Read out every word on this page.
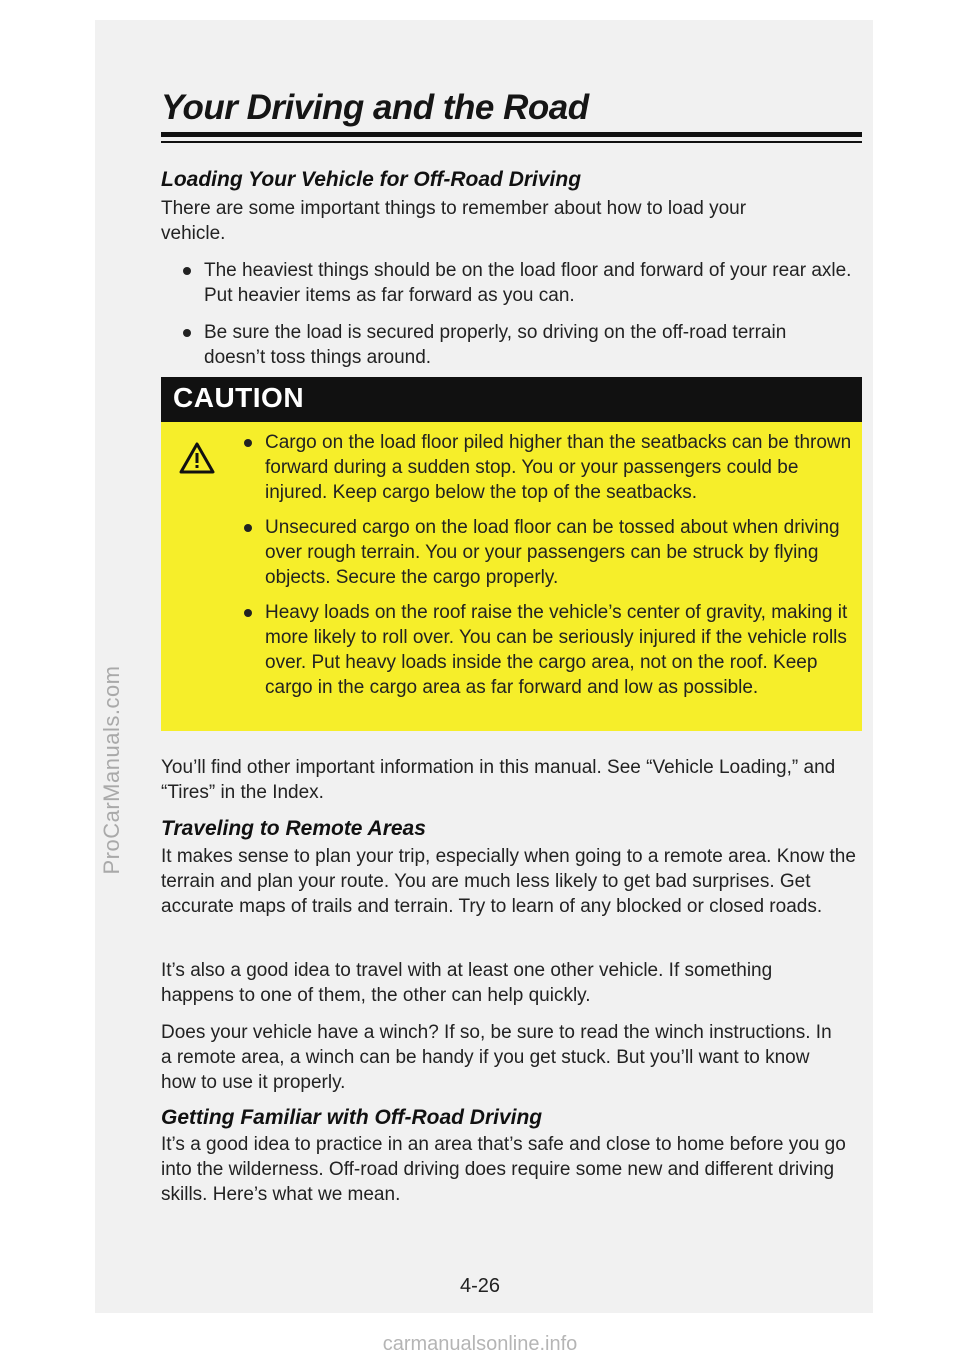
ProCarManuals.com
Your Driving and the Road
Loading Your Vehicle for Off-Road Driving

There are some important things to remember about how to load your vehicle.

The heaviest things should be on the load floor and forward of your rear axle. Put heavier items as far forward as you can.
Be sure the load is secured properly, so driving on the off-road terrain doesn’t toss things around.
CAUTION
Cargo on the load floor piled higher than the seatbacks can be thrown forward during a sudden stop. You or your passengers could be injured. Keep cargo below the top of the seatbacks.
Unsecured cargo on the load floor can be tossed about when driving over rough terrain. You or your passengers can be struck by flying objects. Secure the cargo properly.
Heavy loads on the roof raise the vehicle’s center of gravity, making it more likely to roll over. You can be seriously injured if the vehicle rolls over. Put heavy loads inside the cargo area, not on the roof. Keep cargo in the cargo area as far forward and low as possible.

You’ll find other important information in this manual. See “Vehicle Loading,” and “Tires” in the Index.

Traveling to Remote Areas

It makes sense to plan your trip, especially when going to a remote area. Know the terrain and plan your route. You are much less likely to get bad surprises. Get accurate maps of trails and terrain. Try to learn of any blocked or closed roads.

It’s also a good idea to travel with at least one other vehicle. If something happens to one of them, the other can help quickly.

Does your vehicle have a winch? If so, be sure to read the winch instructions. In a remote area, a winch can be handy if you get stuck. But you’ll want to know how to use it properly.

Getting Familiar with Off-Road Driving

It’s a good idea to practice in an area that’s safe and close to home before you go into the wilderness. Off-road driving does require some new and different driving skills. Here’s what we mean.

4-26

carmanualsonline.info
